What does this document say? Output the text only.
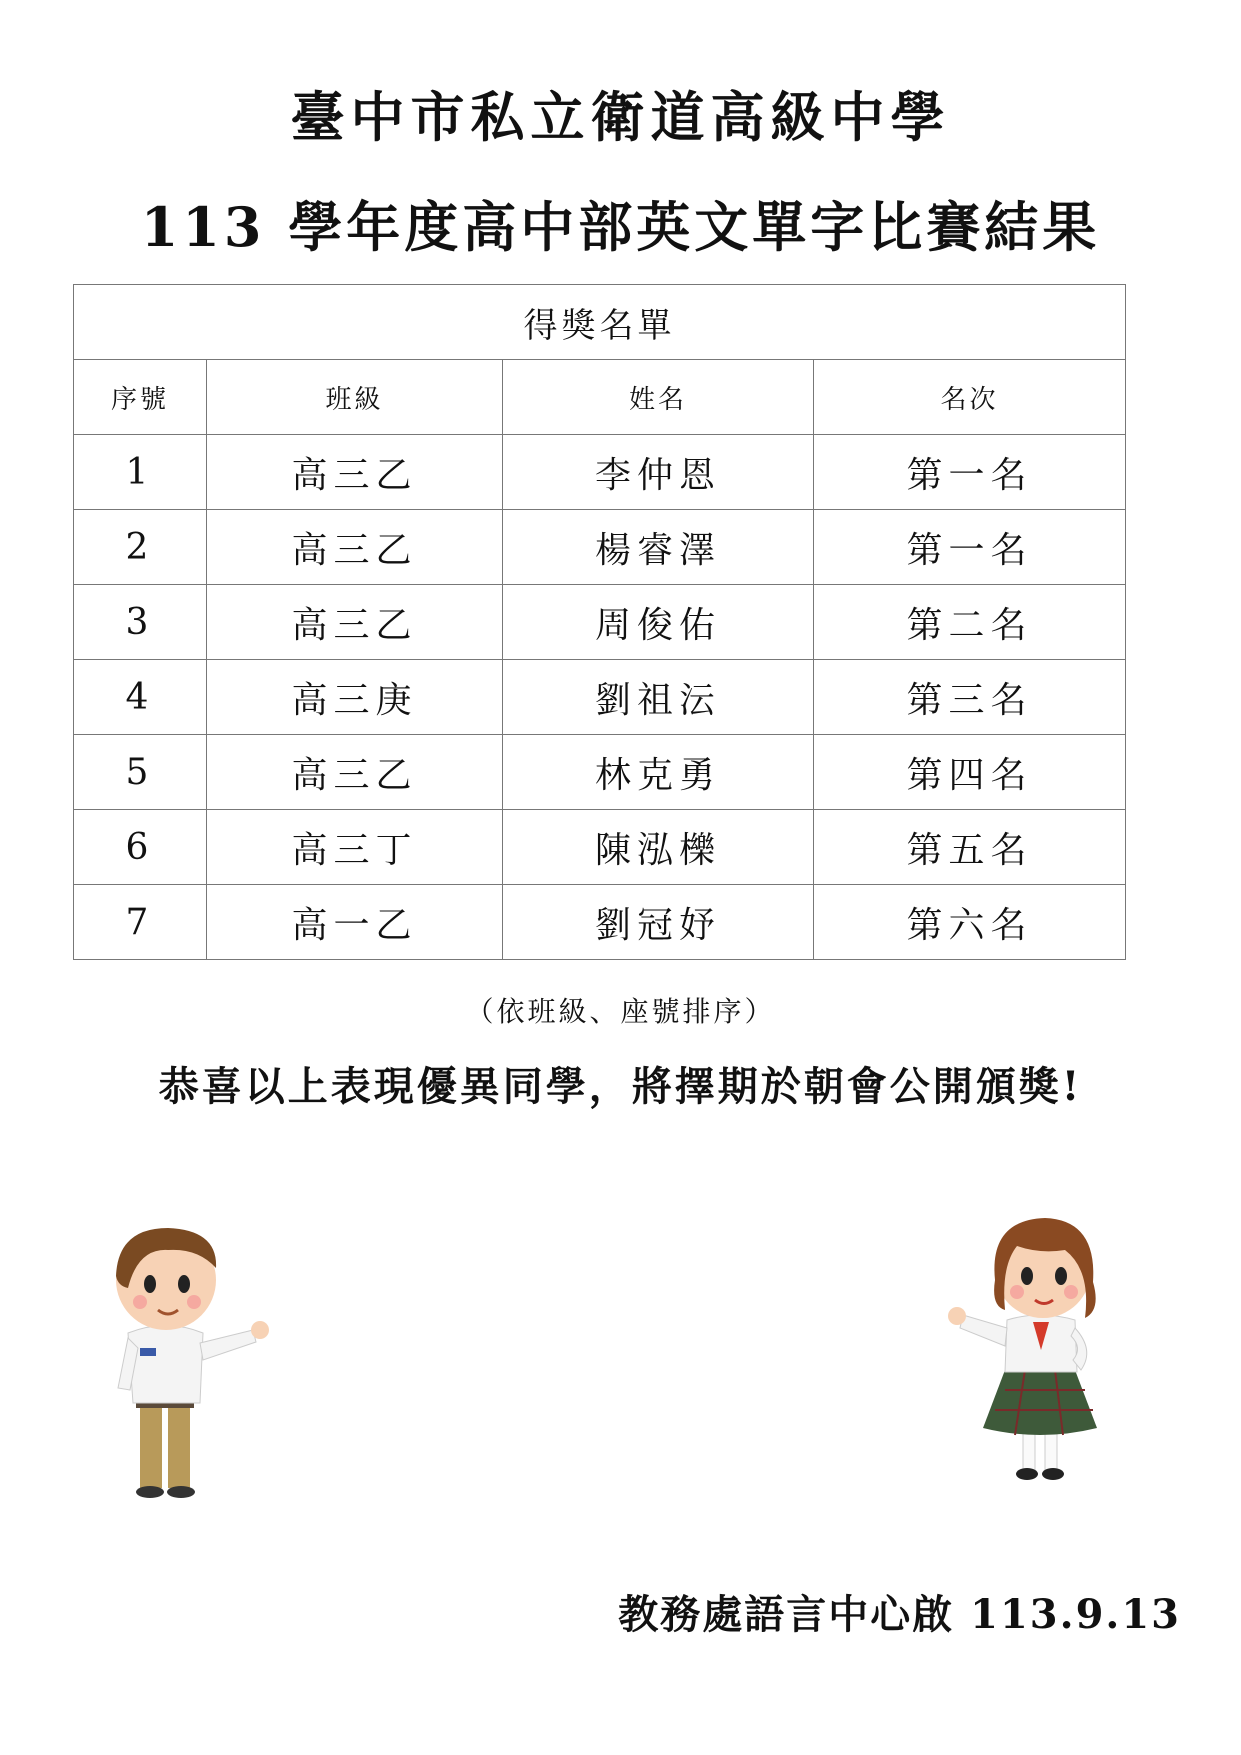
臺中市私立衛道高級中學
113 學年度高中部英文單字比賽結果
得獎名單			
序號	班級	姓名	名次
1	高三乙	李仲恩	第一名
2	高三乙	楊睿澤	第一名
3	高三乙	周俊佑	第二名
4	高三庚	劉祖沄	第三名
5	高三乙	林克勇	第四名
6	高三丁	陳泓櫟	第五名
7	高一乙	劉冠妤	第六名
（依班級、座號排序）
恭喜以上表現優異同學，將擇期於朝會公開頒獎!
教務處語言中心啟 113.9.13
